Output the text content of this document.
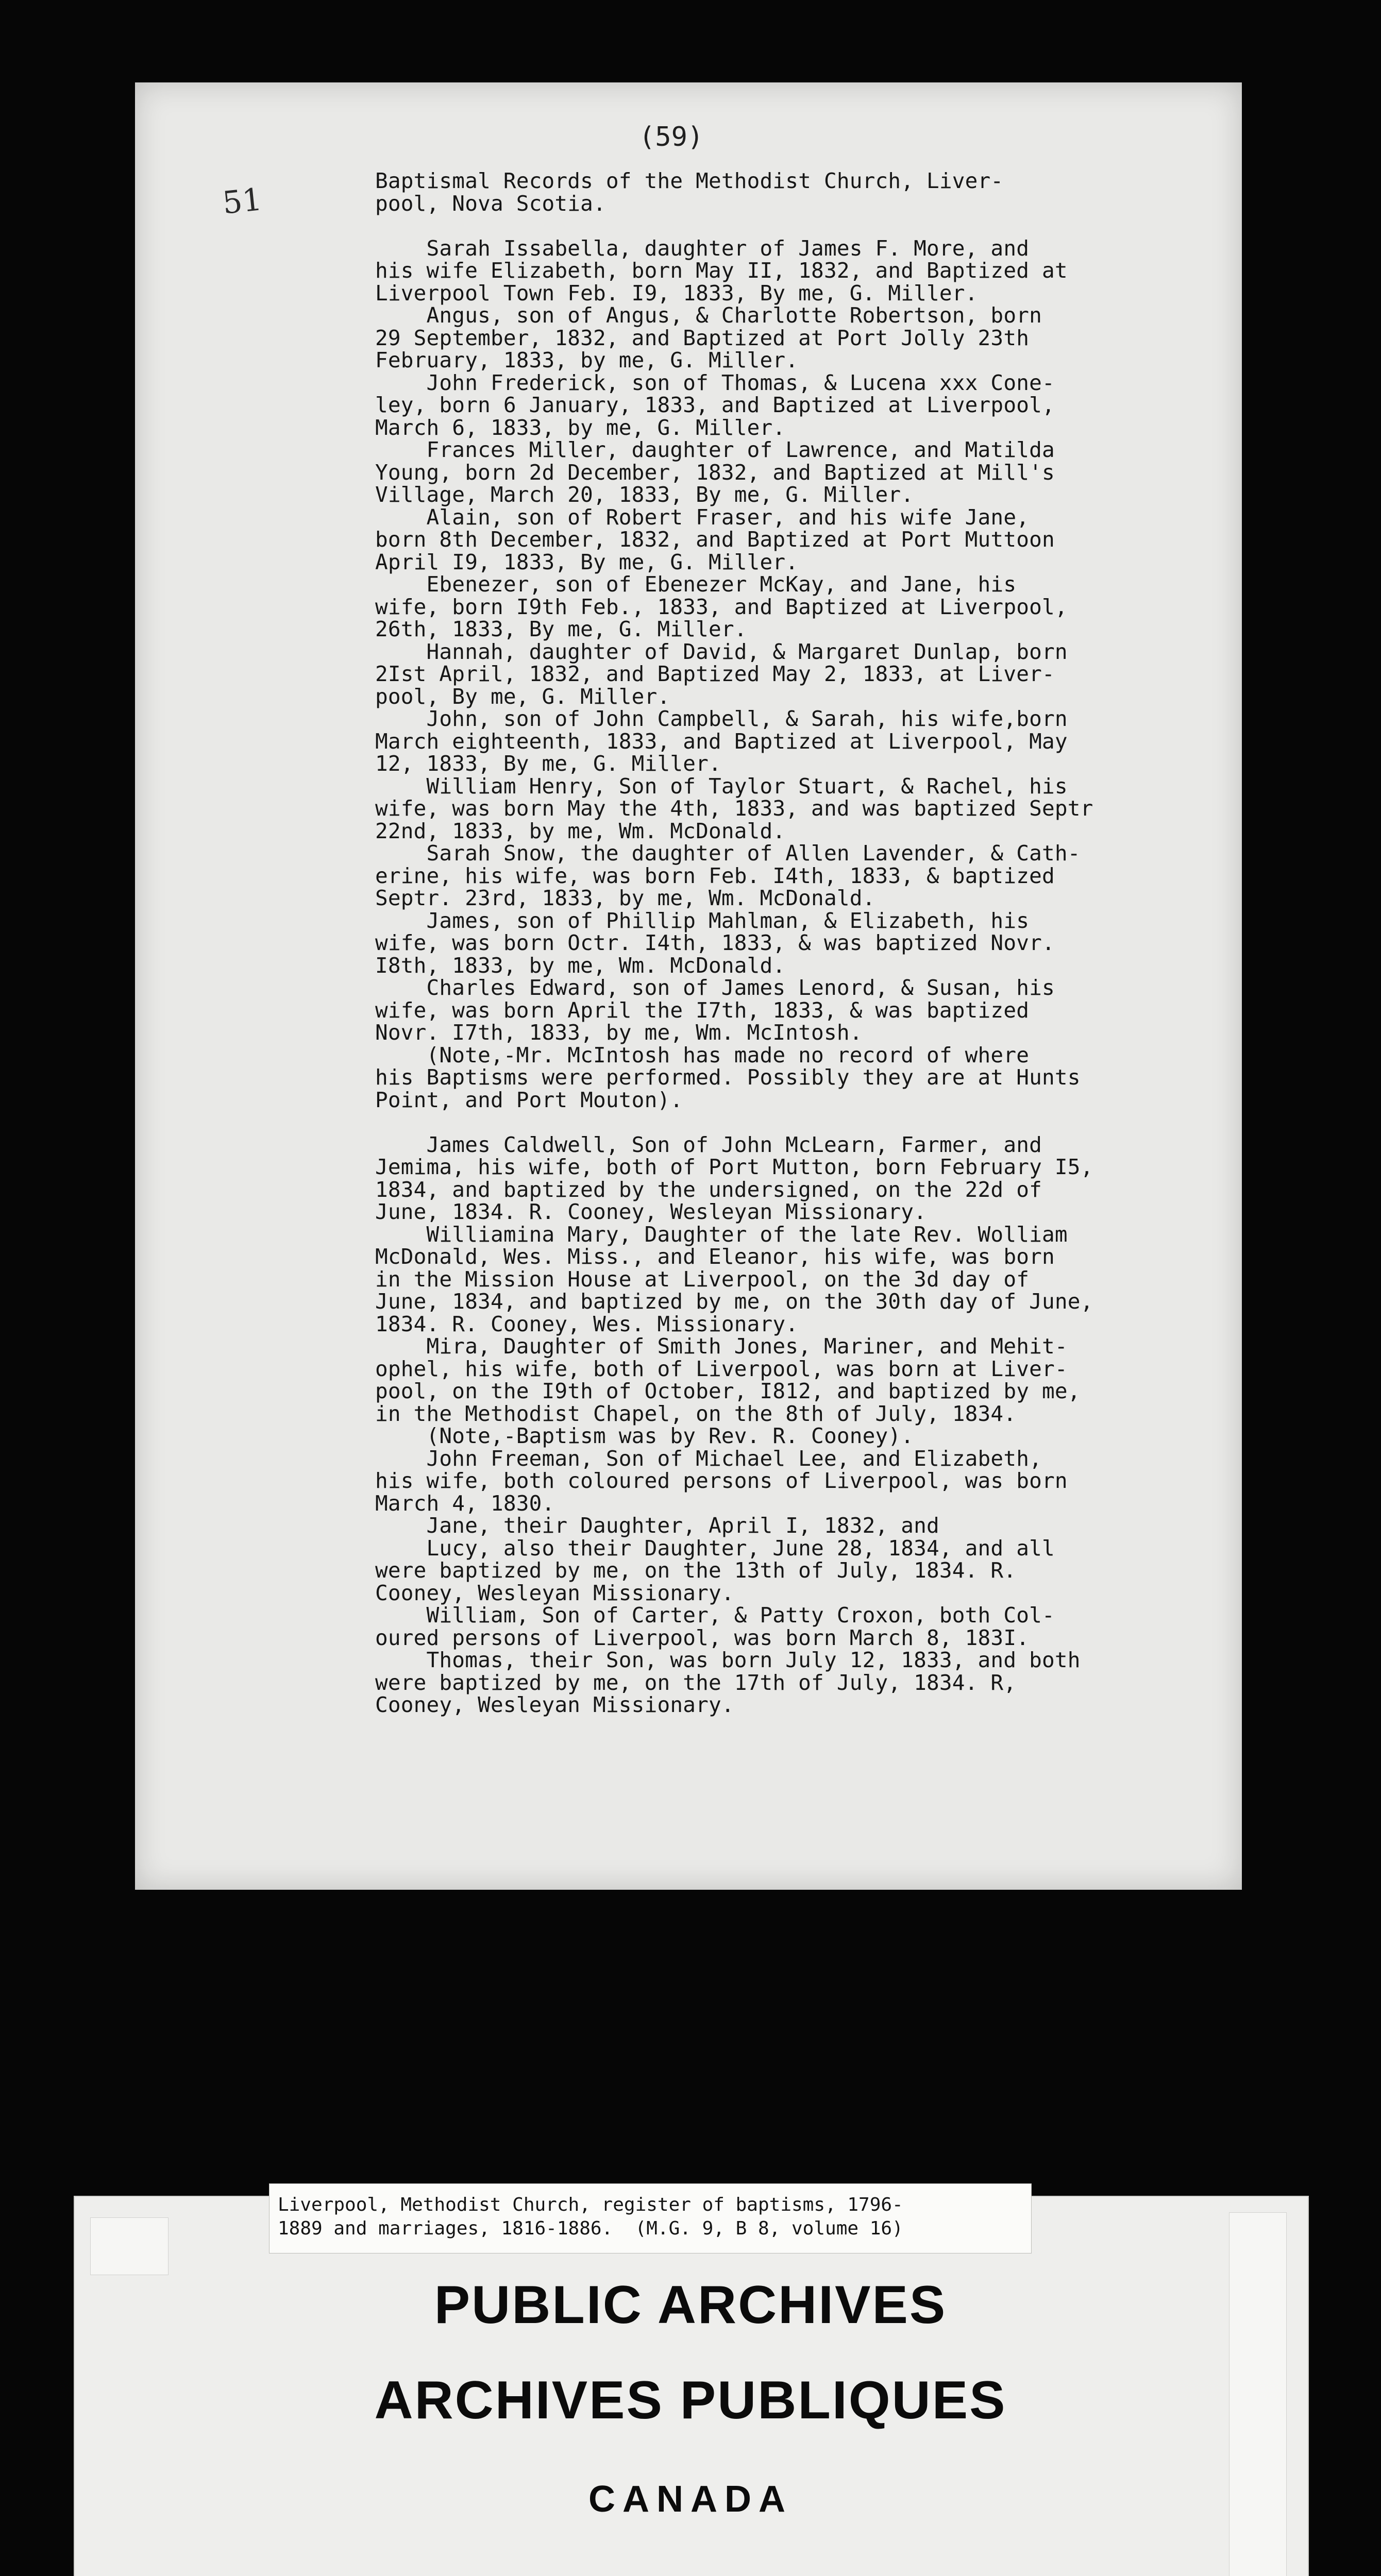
(59)
51
Baptismal Records of the Methodist Church, Liver-
pool, Nova Scotia.
Sarah Issabella, daughter of James F. More, and
his wife Elizabeth, born May II, 1832, and Baptized at
Liverpool Town Feb. I9, 1833, By me, G. Miller.
Angus, son of Angus, & Charlotte Robertson, born
29 September, 1832, and Baptized at Port Jolly 23th
February, 1833, by me, G. Miller.
John Frederick, son of Thomas, & Lucena xxx Cone-
ley, born 6 January, 1833, and Baptized at Liverpool,
March 6, 1833, by me, G. Miller.
Frances Miller, daughter of Lawrence, and Matilda
Young, born 2d December, 1832, and Baptized at Mill's
Village, March 20, 1833, By me, G. Miller.
Alain, son of Robert Fraser, and his wife Jane,
born 8th December, 1832, and Baptized at Port Muttoon
April I9, 1833, By me, G. Miller.
Ebenezer, son of Ebenezer McKay, and Jane, his
wife, born I9th Feb., 1833, and Baptized at Liverpool,
26th, 1833, By me, G. Miller.
Hannah, daughter of David, & Margaret Dunlap, born
2Ist April, 1832, and Baptized May 2, 1833, at Liver-
pool, By me, G. Miller.
John, son of John Campbell, & Sarah, his wife,born
March eighteenth, 1833, and Baptized at Liverpool, May
12, 1833, By me, G. Miller.
William Henry, Son of Taylor Stuart, & Rachel, his
wife, was born May the 4th, 1833, and was baptized Septr
22nd, 1833, by me, Wm. McDonald.
Sarah Snow, the daughter of Allen Lavender, & Cath-
erine, his wife, was born Feb. I4th, 1833, & baptized
Septr. 23rd, 1833, by me, Wm. McDonald.
James, son of Phillip Mahlman, & Elizabeth, his
wife, was born Octr. I4th, 1833, & was baptized Novr.
I8th, 1833, by me, Wm. McDonald.
Charles Edward, son of James Lenord, & Susan, his
wife, was born April the I7th, 1833, & was baptized
Novr. I7th, 1833, by me, Wm. McIntosh.
(Note,-Mr. McIntosh has made no record of where
his Baptisms were performed. Possibly they are at Hunts
Point, and Port Mouton).
James Caldwell, Son of John McLearn, Farmer, and
Jemima, his wife, both of Port Mutton, born February I5,
1834, and baptized by the undersigned, on the 22d of
June, 1834. R. Cooney, Wesleyan Missionary.
Williamina Mary, Daughter of the late Rev. Wolliam
McDonald, Wes. Miss., and Eleanor, his wife, was born
in the Mission House at Liverpool, on the 3d day of
June, 1834, and baptized by me, on the 30th day of June,
1834. R. Cooney, Wes. Missionary.
Mira, Daughter of Smith Jones, Mariner, and Mehit-
ophel, his wife, both of Liverpool, was born at Liver-
pool, on the I9th of October, I812, and baptized by me,
in the Methodist Chapel, on the 8th of July, 1834.
(Note,-Baptism was by Rev. R. Cooney).
John Freeman, Son of Michael Lee, and Elizabeth,
his wife, both coloured persons of Liverpool, was born
March 4, 1830.
Jane, their Daughter, April I, 1832, and
Lucy, also their Daughter, June 28, 1834, and all
were baptized by me, on the 13th of July, 1834. R.
Cooney, Wesleyan Missionary.
William, Son of Carter, & Patty Croxon, both Col-
oured persons of Liverpool, was born March 8, 183I.
Thomas, their Son, was born July 12, 1833, and both
were baptized by me, on the 17th of July, 1834. R,
Cooney, Wesleyan Missionary.
Liverpool, Methodist Church, register of baptisms, 1796-
1889 and marriages, 1816-1886.  (M.G. 9, B 8, volume 16)
PUBLIC ARCHIVES
ARCHIVES PUBLIQUES
CANADA
